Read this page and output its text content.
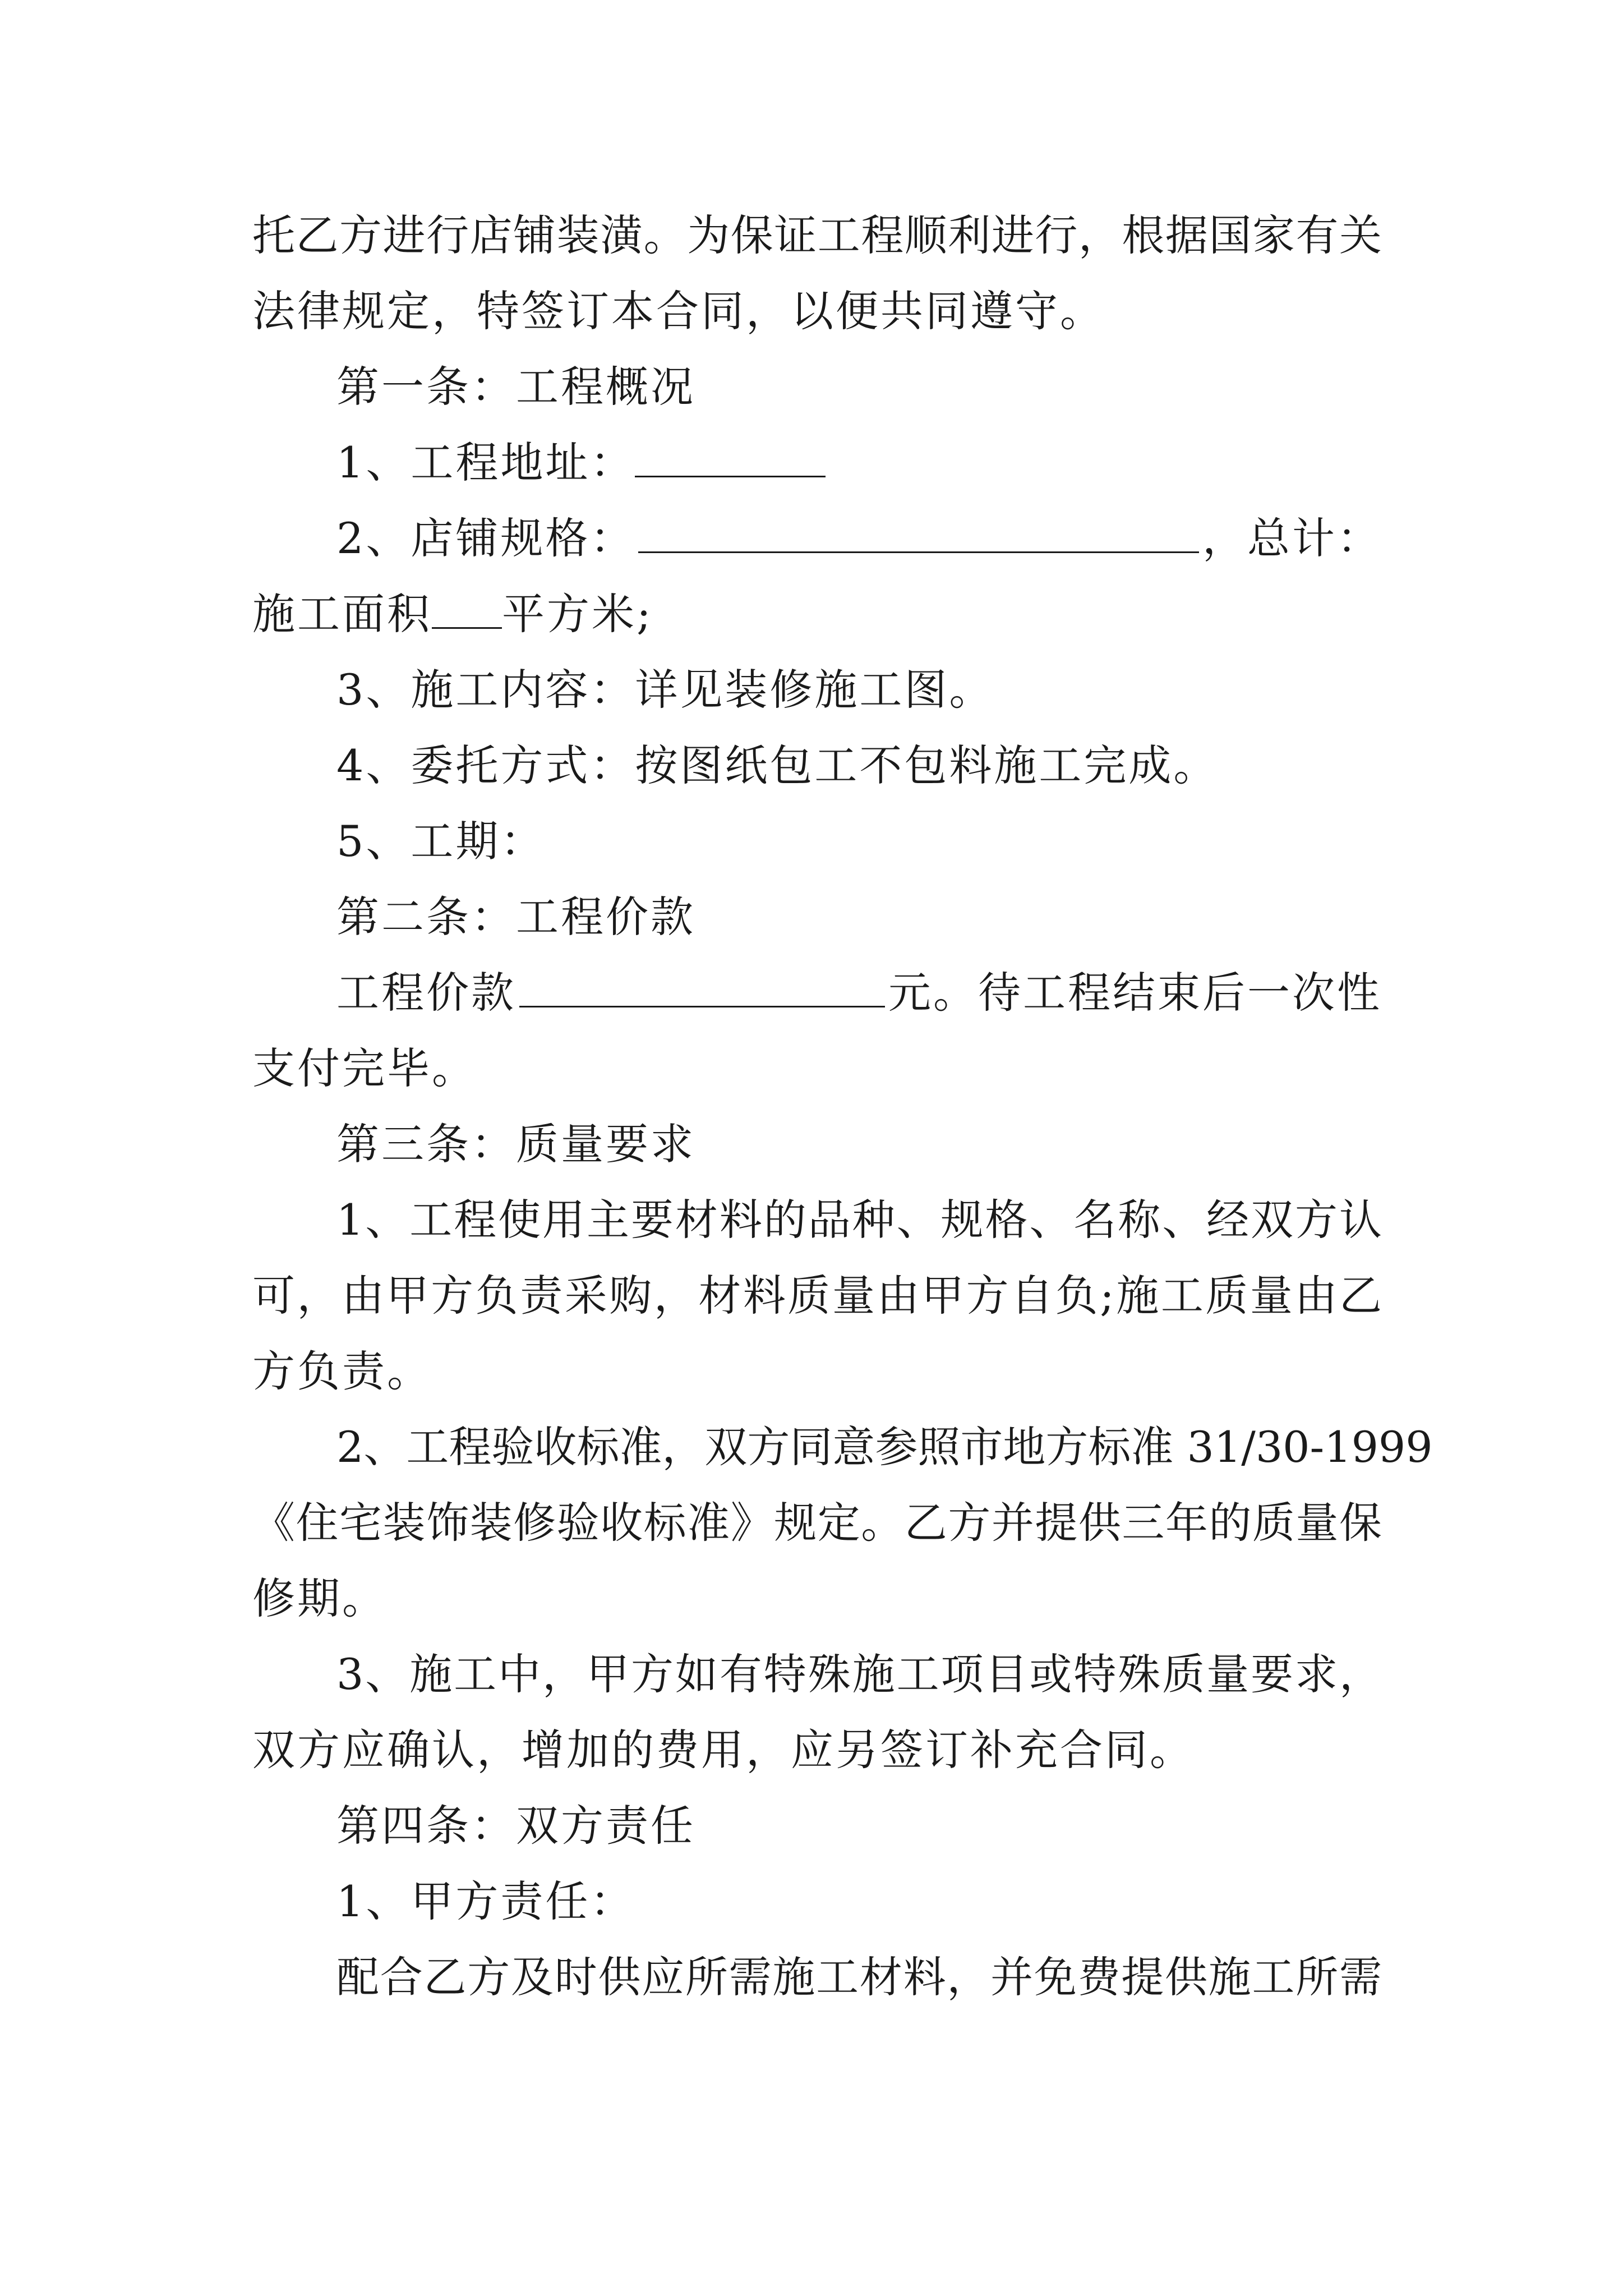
托乙方进行店铺装潢。为保证工程顺利进行，根据国家有关
法律规定，特签订本合同，以便共同遵守。
第一条：工程概况
1、工程地址：
2、店铺规格：	，总计：
施工面积 平方米;
3、施工内容：详见装修施工图。
4、委托方式：按图纸包工不包料施工完成。
5、工期：
第二条：工程价款
工程价款	元。待工程结束后一次性
支付完毕。
第三条：质量要求
1、工程使用主要材料的品种、规格、名称、经双方认
可，由甲方负责采购，材料质量由甲方自负;施工质量由乙
方负责。
2、工程验收标准，双方同意参照市地方标准 31/30-1999
《住宅装饰装修验收标准》规定。乙方并提供三年的质量保
修期。
3、施工中，甲方如有特殊施工项目或特殊质量要求，
双方应确认，增加的费用，应另签订补充合同。
第四条：双方责任
1、甲方责任：
配合乙方及时供应所需施工材料，并免费提供施工所需
